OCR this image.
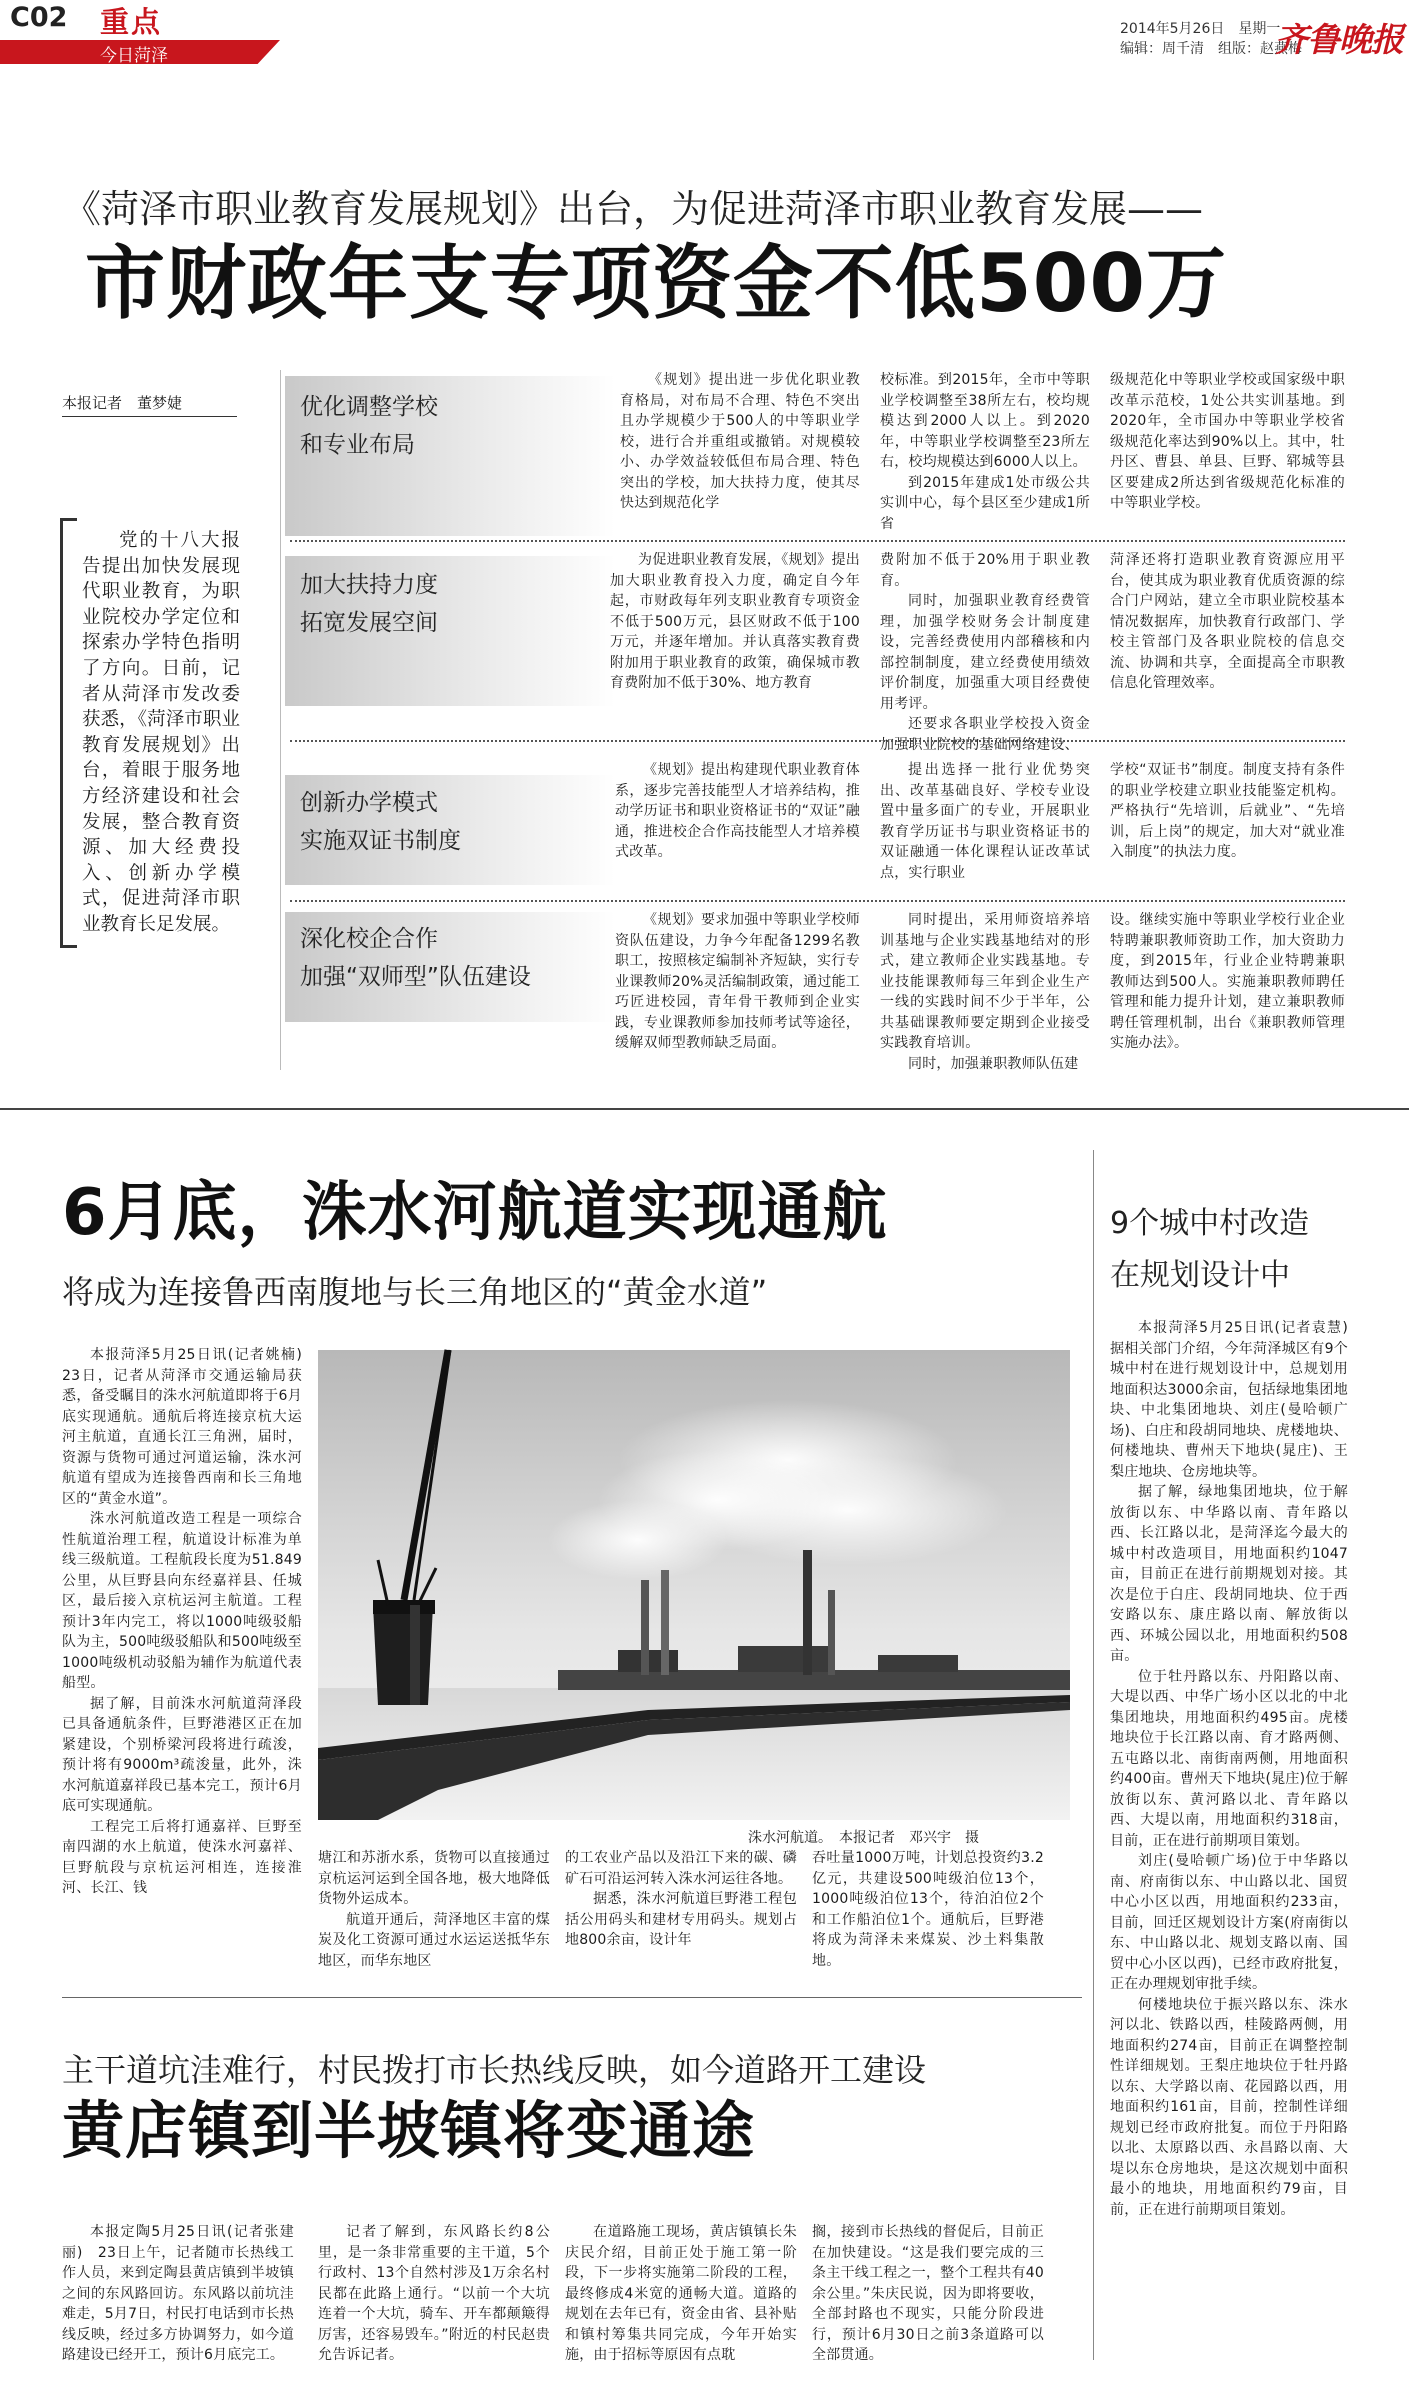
C02 重点
今日菏泽
2014年5月26日　星期一
编辑：周千清　组版：赵燕梅
齐鲁晚报
《菏泽市职业教育发展规划》出台，为促进菏泽市职业教育发展——
市财政年支专项资金不低500万
本报记者　董梦婕
党的十八大报告提出加快发展现代职业教育，为职业院校办学定位和探索办学特色指明了方向。日前，记者从菏泽市发改委获悉，《菏泽市职业教育发展规划》出台，着眼于服务地方经济建设和社会发展，整合教育资源、加大经费投入、创新办学模式，促进菏泽市职业教育长足发展。
优化调整学校
和专业布局
《规划》提出进一步优化职业教育格局，对布局不合理、特色不突出且办学规模少于500人的中等职业学校，进行合并重组或撤销。对规模较小、办学效益较低但布局合理、特色突出的学校，加大扶持力度，使其尽快达到规范化学

校标准。到2015年，全市中等职业学校调整至38所左右，校均规模达到2000人以上。到2020年，中等职业学校调整至23所左右，校均规模达到6000人以上。

到2015年建成1处市级公共实训中心，每个县区至少建成1所省

级规范化中等职业学校或国家级中职改革示范校，1处公共实训基地。到2020年，全市国办中等职业学校省级规范化率达到90%以上。其中，牡丹区、曹县、单县、巨野、郓城等县区要建成2所达到省级规范化标准的中等职业学校。
加大扶持力度
拓宽发展空间
为促进职业教育发展，《规划》提出加大职业教育投入力度，确定自今年起，市财政每年列支职业教育专项资金不低于500万元，县区财政不低于100万元，并逐年增加。并认真落实教育费附加用于职业教育的政策，确保城市教育费附加不低于30%、地方教育

费附加不低于20%用于职业教育。

同时，加强职业教育经费管理，加强学校财务会计制度建设，完善经费使用内部稽核和内部控制制度，建立经费使用绩效评价制度，加强重大项目经费使用考评。

还要求各职业学校投入资金加强职业院校的基础网络建设、

菏泽还将打造职业教育资源应用平台，使其成为职业教育优质资源的综合门户网站，建立全市职业院校基本情况数据库，加快教育行政部门、学校主管部门及各职业院校的信息交流、协调和共享，全面提高全市职教信息化管理效率。
创新办学模式
实施双证书制度
《规划》提出构建现代职业教育体系，逐步完善技能型人才培养结构，推动学历证书和职业资格证书的“双证”融通，推进校企合作高技能型人才培养模式改革。
提出选择一批行业优势突出、改革基础良好、学校专业设置中量多面广的专业，开展职业教育学历证书与职业资格证书的双证融通一体化课程认证改革试点，实行职业
学校“双证书”制度。制度支持有条件的职业学校建立职业技能鉴定机构。严格执行“先培训，后就业”、“先培训，后上岗”的规定，加大对“就业准入制度”的执法力度。
深化校企合作
加强“双师型”队伍建设
《规划》要求加强中等职业学校师资队伍建设，力争今年配备1299名教职工，按照核定编制补齐短缺，实行专业课教师20%灵活编制政策，通过能工巧匠进校园，青年骨干教师到企业实践，专业课教师参加技师考试等途径，缓解双师型教师缺乏局面。

同时提出，采用师资培养培训基地与企业实践基地结对的形式，建立教师企业实践基地。专业技能课教师每三年到企业生产一线的实践时间不少于半年，公共基础课教师要定期到企业接受实践教育培训。

同时，加强兼职教师队伍建

设。继续实施中等职业学校行业企业特聘兼职教师资助工作，加大资助力度，到2015年，行业企业特聘兼职教师达到500人。实施兼职教师聘任管理和能力提升计划，建立兼职教师聘任管理机制，出台《兼职教师管理实施办法》。
6月底，洙水河航道实现通航
将成为连接鲁西南腹地与长三角地区的“黄金水道”

本报菏泽5月25日讯(记者姚楠)　23日，记者从菏泽市交通运输局获悉，备受瞩目的洙水河航道即将于6月底实现通航。通航后将连接京杭大运河主航道，直通长江三角洲，届时，资源与货物可通过河道运输，洙水河航道有望成为连接鲁西南和长三角地区的“黄金水道”。

洙水河航道改造工程是一项综合性航道治理工程，航道设计标准为单线三级航道。工程航段长度为51.849公里，从巨野县向东经嘉祥县、任城区，最后接入京杭运河主航道。工程预计3年内完工，将以1000吨级驳船队为主，500吨级驳船队和500吨级至1000吨级机动驳船为辅作为航道代表船型。

据了解，目前洙水河航道菏泽段已具备通航条件，巨野港港区正在加紧建设，个别桥梁河段将进行疏浚，预计将有9000m³疏浚量，此外，洙水河航道嘉祥段已基本完工，预计6月底可实现通航。

工程完工后将打通嘉祥、巨野至南四湖的水上航道，使洙水河嘉祥、巨野航段与京杭运河相连，连接淮河、长江、钱

洙水河航道。　本报记者　邓兴宇　摄

塘江和苏浙水系，货物可以直接通过京杭运河运到全国各地，极大地降低货物外运成本。

航道开通后，菏泽地区丰富的煤炭及化工资源可通过水运运送抵华东地区，而华东地区

的工农业产品以及沿江下来的碳、磷矿石可沿运河转入洙水河运往各地。

据悉，洙水河航道巨野港工程包括公用码头和建材专用码头。规划占地800余亩，设计年

吞吐量1000万吨，计划总投资约3.2亿元，共建设500吨级泊位13个，1000吨级泊位13个，待泊泊位2个和工作船泊位1个。通航后，巨野港将成为菏泽未来煤炭、沙土料集散地。
9个城中村改造
在规划设计中

本报菏泽5月25日讯(记者袁慧)　据相关部门介绍，今年菏泽城区有9个城中村在进行规划设计中，总规划用地面积达3000余亩，包括绿地集团地块、中北集团地块、刘庄(曼哈顿广场)、白庄和段胡同地块、虎楼地块、何楼地块、曹州天下地块(晁庄)、王梨庄地块、仓房地块等。

据了解，绿地集团地块，位于解放街以东、中华路以南、青年路以西、长江路以北，是菏泽迄今最大的城中村改造项目，用地面积约1047亩，目前正在进行前期规划对接。其次是位于白庄、段胡同地块、位于西安路以东、康庄路以南、解放街以西、环城公园以北，用地面积约508亩。

位于牡丹路以东、丹阳路以南、大堤以西、中华广场小区以北的中北集团地块，用地面积约495亩。虎楼地块位于长江路以南、育才路两侧、五屯路以北、南街南两侧，用地面积约400亩。曹州天下地块(晁庄)位于解放街以东、黄河路以北、青年路以西、大堤以南，用地面积约318亩，目前，正在进行前期项目策划。

刘庄(曼哈顿广场)位于中华路以南、府南街以东、中山路以北、国贸中心小区以西，用地面积约233亩，目前，回迁区规划设计方案(府南街以东、中山路以北、规划支路以南、国贸中心小区以西)，已经市政府批复，正在办理规划审批手续。

何楼地块位于振兴路以东、洙水河以北、铁路以西，桂陵路两侧，用地面积约274亩，目前正在调整控制性详细规划。王梨庄地块位于牡丹路以东、大学路以南、花园路以西，用地面积约161亩，目前，控制性详细规划已经市政府批复。而位于丹阳路以北、太原路以西、永昌路以南、大堤以东仓房地块，是这次规划中面积最小的地块，用地面积约79亩，目前，正在进行前期项目策划。

主干道坑洼难行，村民拨打市长热线反映，如今道路开工建设
黄店镇到半坡镇将变通途
本报定陶5月25日讯(记者张建丽)　23日上午，记者随市长热线工作人员，来到定陶县黄店镇到半坡镇之间的东风路回访。东风路以前坑洼难走，5月7日，村民打电话到市长热线反映，经过多方协调努力，如今道路建设已经开工，预计6月底完工。
记者了解到，东风路长约8公里，是一条非常重要的主干道，5个行政村、13个自然村涉及1万余名村民都在此路上通行。“以前一个大坑连着一个大坑，骑车、开车都颠簸得厉害，还容易毁车。”附近的村民赵贵允告诉记者。
在道路施工现场，黄店镇镇长朱庆民介绍，目前正处于施工第一阶段，下一步将实施第二阶段的工程，最终修成4米宽的通畅大道。道路的规划在去年已有，资金由省、县补贴和镇村筹集共同完成，今年开始实施，由于招标等原因有点耽
搁，接到市长热线的督促后，目前正在加快建设。“这是我们要完成的三条主干线工程之一，整个工程共有40余公里。”朱庆民说，因为即将要收，全部封路也不现实，只能分阶段进行，预计6月30日之前3条道路可以全部贯通。
